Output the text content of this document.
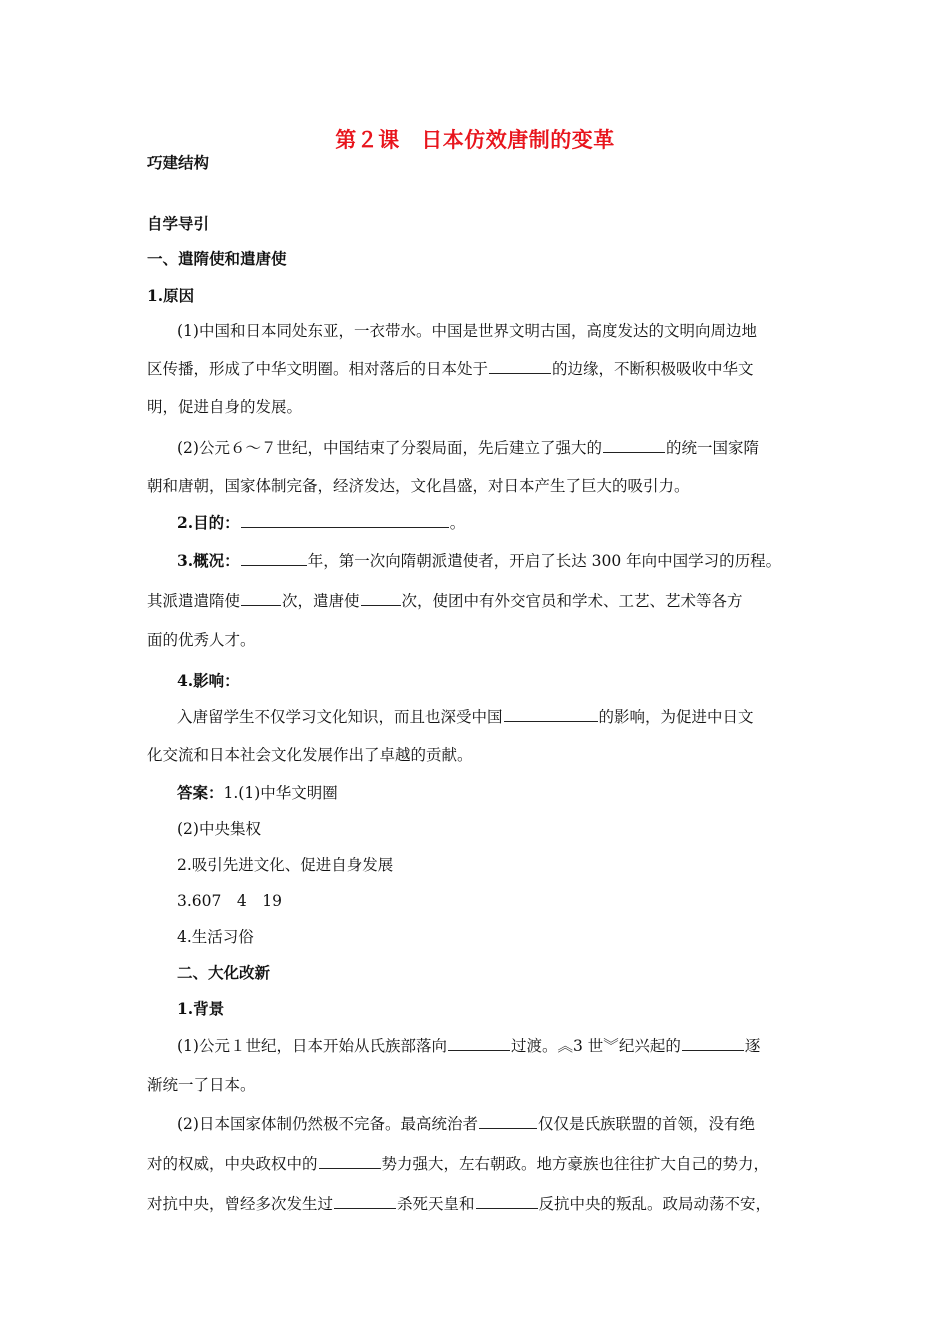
第２课　日本仿效唐制的变革
巧建结构
自学导引
一、遣隋使和遣唐使
1.原因
(1)中国和日本同处东亚，一衣带水。中国是世界文明古国，高度发达的文明向周边地
区传播，形成了中华文明圈。相对落后的日本处于	的边缘，不断积极吸收中华文
明，促进自身的发展。
(2)公元６～７世纪，中国结束了分裂局面，先后建立了强大的	的统一国家隋
朝和唐朝，国家体制完备，经济发达，文化昌盛，对日本产生了巨大的吸引力。
2.目的：	。
3.概况：	年，第一次向隋朝派遣使者，开启了长达 300 年向中国学习的历程。
其派遣遣隋使	次，遣唐使	次，使团中有外交官员和学术、工艺、艺术等各方
面的优秀人才。
4.影响：
入唐留学生不仅学习文化知识，而且也深受中国	的影响，为促进中日文
化交流和日本社会文化发展作出了卓越的贡献。
答案：1.(1)中华文明圈
(2)中央集权
2.吸引先进文化、促进自身发展
3.607　4　19
4.生活习俗
二、大化改新
1.背景
(1)公元１世纪，日本开始从氏族部落向	过渡。︽3 世︾纪兴起的	逐
渐统一了日本。
(2)日本国家体制仍然极不完备。最高统治者	仅仅是氏族联盟的首领，没有绝
对的权威，中央政权中的	势力强大，左右朝政。地方豪族也往往扩大自己的势力，
对抗中央，曾经多次发生过	杀死天皇和	反抗中央的叛乱。政局动荡不安，
